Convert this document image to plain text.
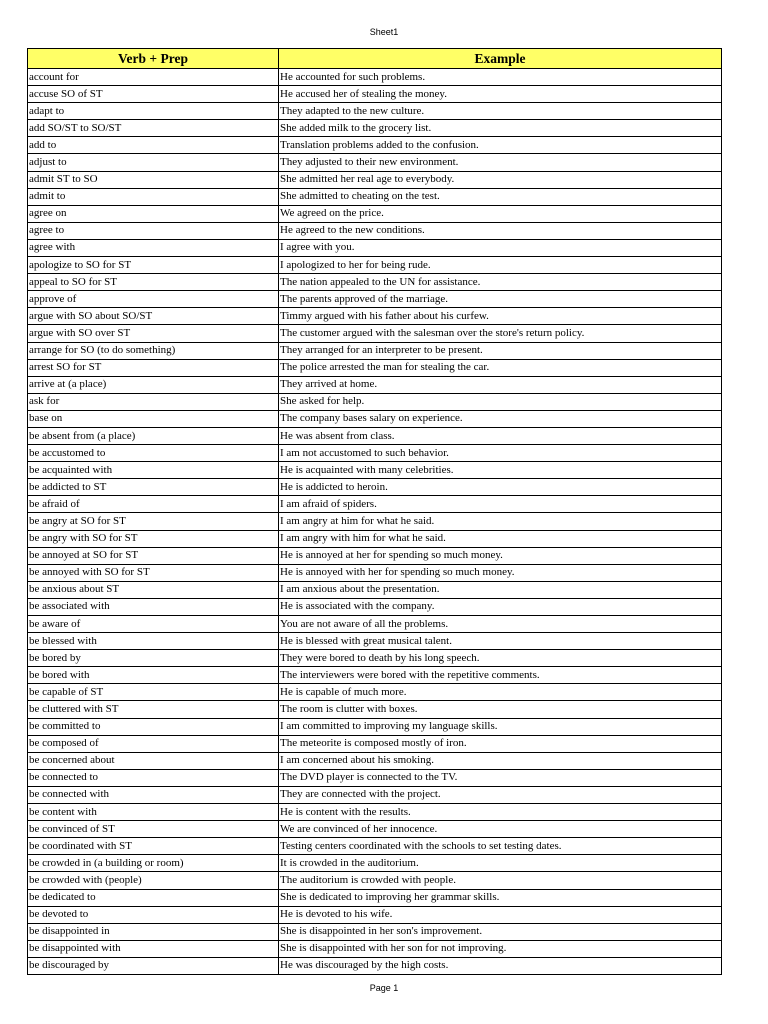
Sheet1
Verb + Prep	Example
account for	He accounted for such problems.
accuse SO of ST	He accused her of stealing the money.
adapt to	They adapted to the new culture.
add SO/ST to SO/ST	She added milk to the grocery list.
add to	Translation problems added to the confusion.
adjust to	They adjusted to their new environment.
admit ST to SO	She admitted her real age to everybody.
admit to	She admitted to cheating on the test.
agree on	We agreed on the price.
agree to	He agreed to the new conditions.
agree with	I agree with you.
apologize to SO for ST	I apologized to her for being rude.
appeal to SO for ST	The nation appealed to the UN for assistance.
approve of	The parents approved of the marriage.
argue with SO about SO/ST	Timmy argued with his father about his curfew.
argue with SO over ST	The customer argued with the salesman over the store's return policy.
arrange for SO (to do something)	They arranged for an interpreter to be present.
arrest SO for ST	The police arrested the man for stealing the car.
arrive at (a place)	They arrived at home.
ask for	She asked for help.
base on	The company bases salary on experience.
be absent from (a place)	He was absent from class.
be accustomed to	I am not accustomed to such behavior.
be acquainted with	He is acquainted with many celebrities.
be addicted to ST	He is addicted to heroin.
be afraid of	I am afraid of spiders.
be angry at SO for ST	I am angry at him for what he said.
be angry with SO for ST	I am angry with him for what he said.
be annoyed at SO for ST	He is annoyed at her for spending so much money.
be annoyed with SO for ST	He is annoyed with her for spending so much money.
be anxious about ST	I am anxious about the presentation.
be associated with	He is associated with the company.
be aware of	You are not aware of all the problems.
be blessed with	He is blessed with great musical talent.
be bored by	They were bored to death by his long speech.
be bored with	The interviewers were bored with the repetitive comments.
be capable of ST	He is capable of much more.
be cluttered with ST	The room is clutter with boxes.
be committed to	I am committed to improving my language skills.
be composed of	The meteorite is composed mostly of iron.
be concerned about	I am concerned about his smoking.
be connected to	The DVD player is connected to the TV.
be connected with	They are connected with the project.
be content with	He is content with the results.
be convinced of ST	We are convinced of her innocence.
be coordinated with ST	Testing centers coordinated with the schools to set testing dates.
be crowded in (a building or room)	It is crowded in the auditorium.
be crowded with (people)	The auditorium is crowded with people.
be dedicated to	She is dedicated to improving her grammar skills.
be devoted to	He is devoted to his wife.
be disappointed in	She is disappointed in her son's improvement.
be disappointed with	She is disappointed with her son for not improving.
be discouraged by	He was discouraged by the high costs.
Page 1
